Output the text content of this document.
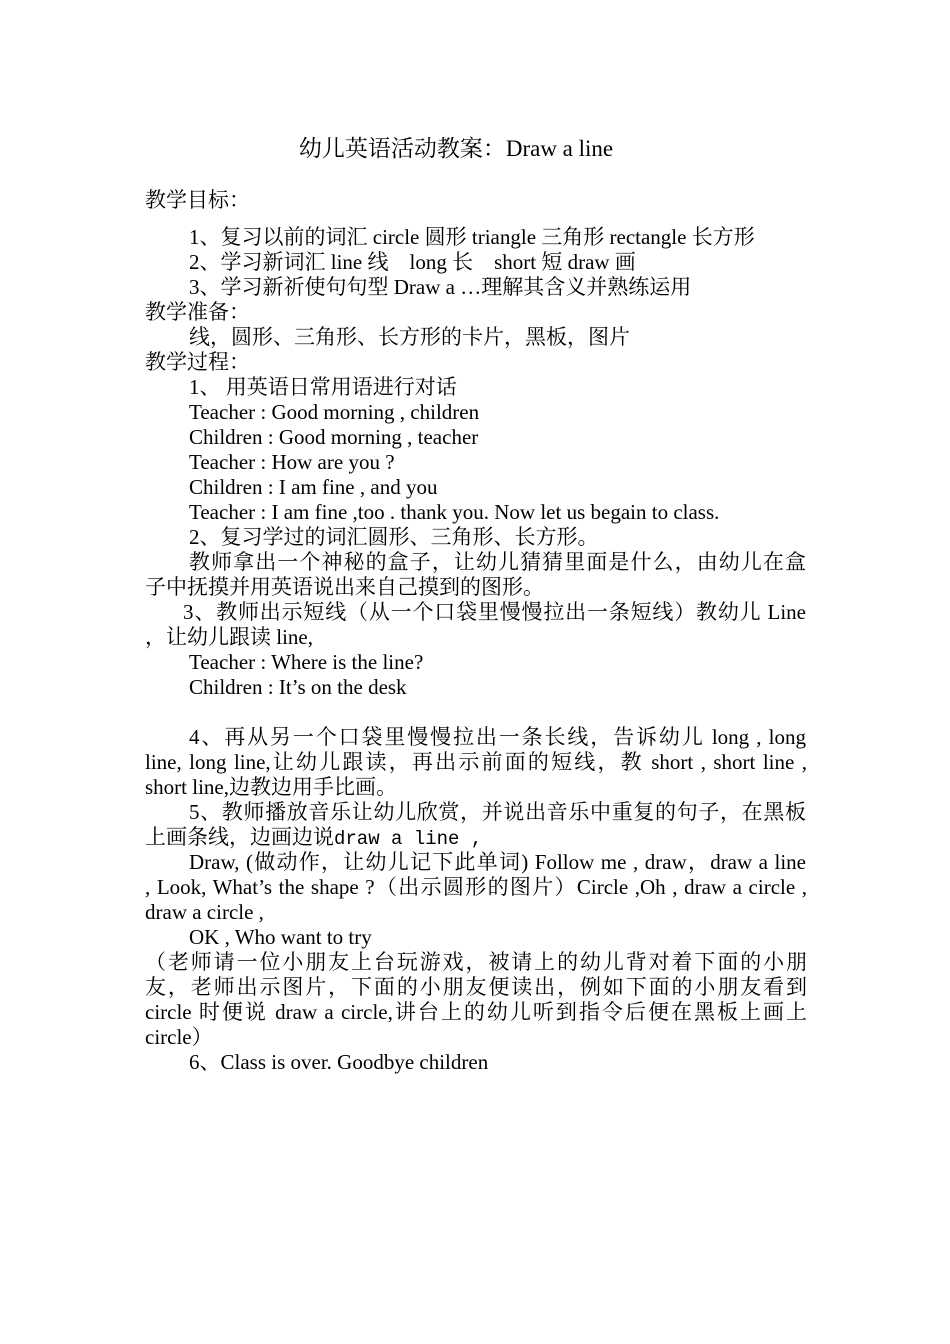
幼儿英语活动教案：Draw a line
教学目标：
1、复习以前的词汇 circle 圆形 triangle 三角形 rectangle 长方形
2、学习新词汇 line 线　long 长　short 短 draw 画
3、学习新祈使句句型 Draw a …理解其含义并熟练运用
教学准备：
线，圆形、三角形、长方形的卡片，黑板，图片
教学过程：
1、 用英语日常用语进行对话
Teacher : Good morning , children
Children : Good morning , teacher
Teacher : How are you ?
Children : I am fine , and you
Teacher : I am fine ,too . thank you. Now let us begain to class.
2、复习学过的词汇圆形、三角形、长方形。
教师拿出一个神秘的盒子，让幼儿猜猜里面是什么，由幼儿在盒
子中抚摸并用英语说出来自己摸到的图形。
3、教师出示短线（从一个口袋里慢慢拉出一条短线）教幼儿 Line
，让幼儿跟读 line,
Teacher : Where is the line?
Children : It’s on the desk
4、再从另一个口袋里慢慢拉出一条长线，告诉幼儿 long , long
line, long line,让幼儿跟读，再出示前面的短线，教 short , short line ,
short line,边教边用手比画。
5、教师播放音乐让幼儿欣赏，并说出音乐中重复的句子，在黑板
上画条线，边画边说draw a line ,
Draw, (做动作，让幼儿记下此单词) Follow me , draw，draw a line
, Look, What’s the shape ?（出示圆形的图片）Circle ,Oh , draw a circle ,
draw a circle ,
OK , Who want to try
（老师请一位小朋友上台玩游戏，被请上的幼儿背对着下面的小朋
友，老师出示图片，下面的小朋友便读出，例如下面的小朋友看到
circle 时便说 draw a circle,讲台上的幼儿听到指令后便在黑板上画上
circle）
6、Class is over. Goodbye children
